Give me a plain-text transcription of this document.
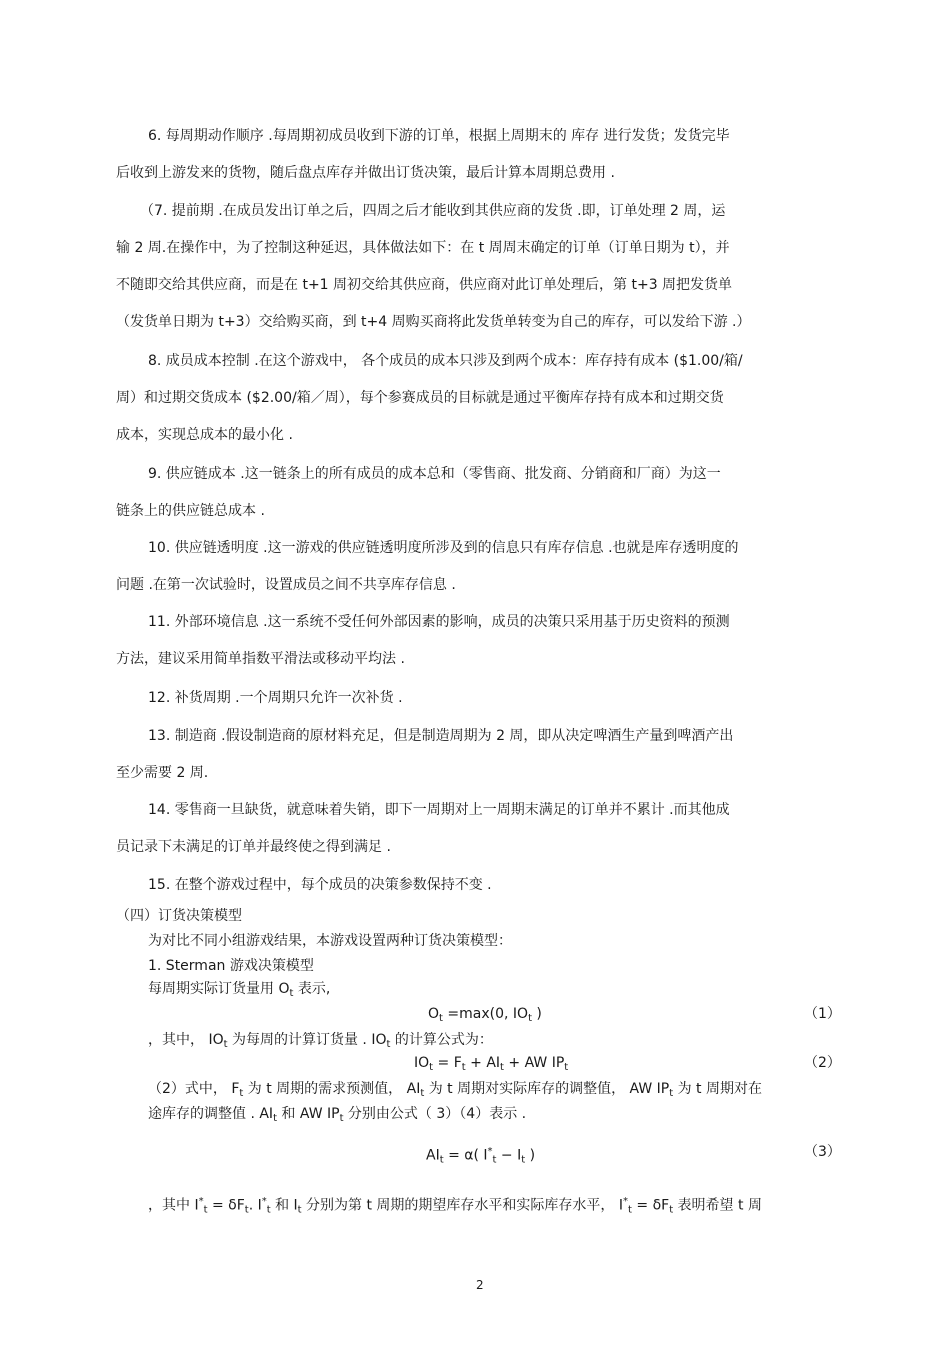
6. 每周期动作顺序 .每周期初成员收到下游的订单，根据上周期末的 库存 进行发货；发货完毕
后收到上游发来的货物，随后盘点库存并做出订货决策，最后计算本周期总费用 .
（7. 提前期 .在成员发出订单之后，四周之后才能收到其供应商的发货 .即，订单处理 2 周，运
输 2 周.在操作中，为了控制这种延迟，具体做法如下：在 t 周周末确定的订单（订单日期为 t），并
不随即交给其供应商，而是在 t+1 周初交给其供应商，供应商对此订单处理后，第 t+3 周把发货单
（发货单日期为 t+3）交给购买商，到 t+4 周购买商将此发货单转变为自己的库存，可以发给下游 .）
8. 成员成本控制 .在这个游戏中， 各个成员的成本只涉及到两个成本：库存持有成本 ($1.00/箱/
周）和过期交货成本 ($2.00/箱／周），每个参赛成员的目标就是通过平衡库存持有成本和过期交货
成本，实现总成本的最小化 .
9. 供应链成本 .这一链条上的所有成员的成本总和（零售商、批发商、分销商和厂商）为这一
链条上的供应链总成本 .
10. 供应链透明度 .这一游戏的供应链透明度所涉及到的信息只有库存信息 .也就是库存透明度的
问题 .在第一次试验时，设置成员之间不共享库存信息 .
11. 外部环境信息 .这一系统不受任何外部因素的影响，成员的决策只采用基于历史资料的预测
方法，建议采用简单指数平滑法或移动平均法 .
12. 补货周期 .一个周期只允许一次补货 .
13. 制造商 .假设制造商的原材料充足，但是制造周期为 2 周，即从决定啤酒生产量到啤酒产出
至少需要 2 周.
14. 零售商一旦缺货，就意味着失销，即下一周期对上一周期末满足的订单并不累计 .而其他成
员记录下未满足的订单并最终使之得到满足 .
15. 在整个游戏过程中，每个成员的决策参数保持不变 .
（四）订货决策模型
为对比不同小组游戏结果，本游戏设置两种订货决策模型：
1. Sterman 游戏决策模型
每周期实际订货量用 $O_t$ 表示,
$O_t =\max(0$, $IO_t$ )	（1）
，其中， $IO_t$ 为每周的计算订货量 . $IO_t$ 的计算公式为：
$IO_t = F_t + AI_t$ + AW $IP_t$	（2）
（2）式中， $F_t$ 为 t 周期的需求预测值， $AI_t$ 为 t 周期对实际库存的调整值， AW $IP_t$ 为 t 周期对在
途库存的调整值 . $AI_t$ 和 AW $IP_t$ 分别由公式（ 3）（4）表示 .
$AI_t = \alpha$( $I^*_t - I_t$ )	（3）
，其中 $I^*_t = \delta F_t$. $I^*_t$ 和 $I_t$ 分别为第 t 周期的期望库存水平和实际库存水平， $I^*_t = \delta F_t$ 表明希望 t 周
2
